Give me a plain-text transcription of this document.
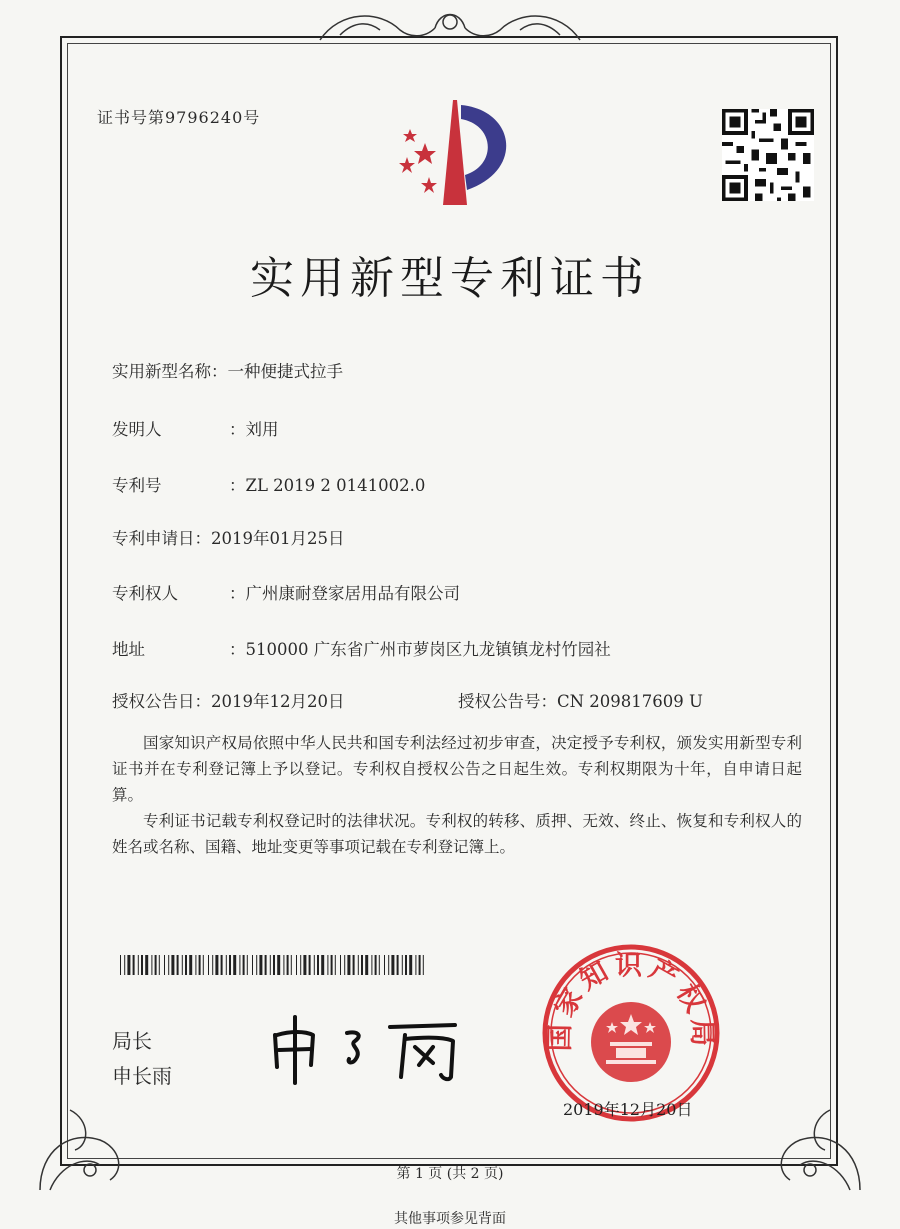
证书号第9796240号
实用新型专利证书
实用新型名称：一种便捷式拉手
发明人	：刘用
专利号	：ZL 2019 2 0141002.0
专利申请日：2019年01月25日
专利权人	：广州康耐登家居用品有限公司
地址	：510000 广东省广州市萝岗区九龙镇镇龙村竹园社
授权公告日：2019年12月20日	授权公告号：CN 209817609 U
国家知识产权局依照中华人民共和国专利法经过初步审查，决定授予专利权，颁发实用新型专利证书并在专利登记簿上予以登记。专利权自授权公告之日起生效。专利权期限为十年，自申请日起算。
专利证书记载专利权登记时的法律状况。专利权的转移、质押、无效、终止、恢复和专利权人的姓名或名称、国籍、地址变更等事项记载在专利登记簿上。
局长
申长雨
国家知识产权局
2019年12月20日
第 1 页 (共 2 页)
其他事项参见背面
